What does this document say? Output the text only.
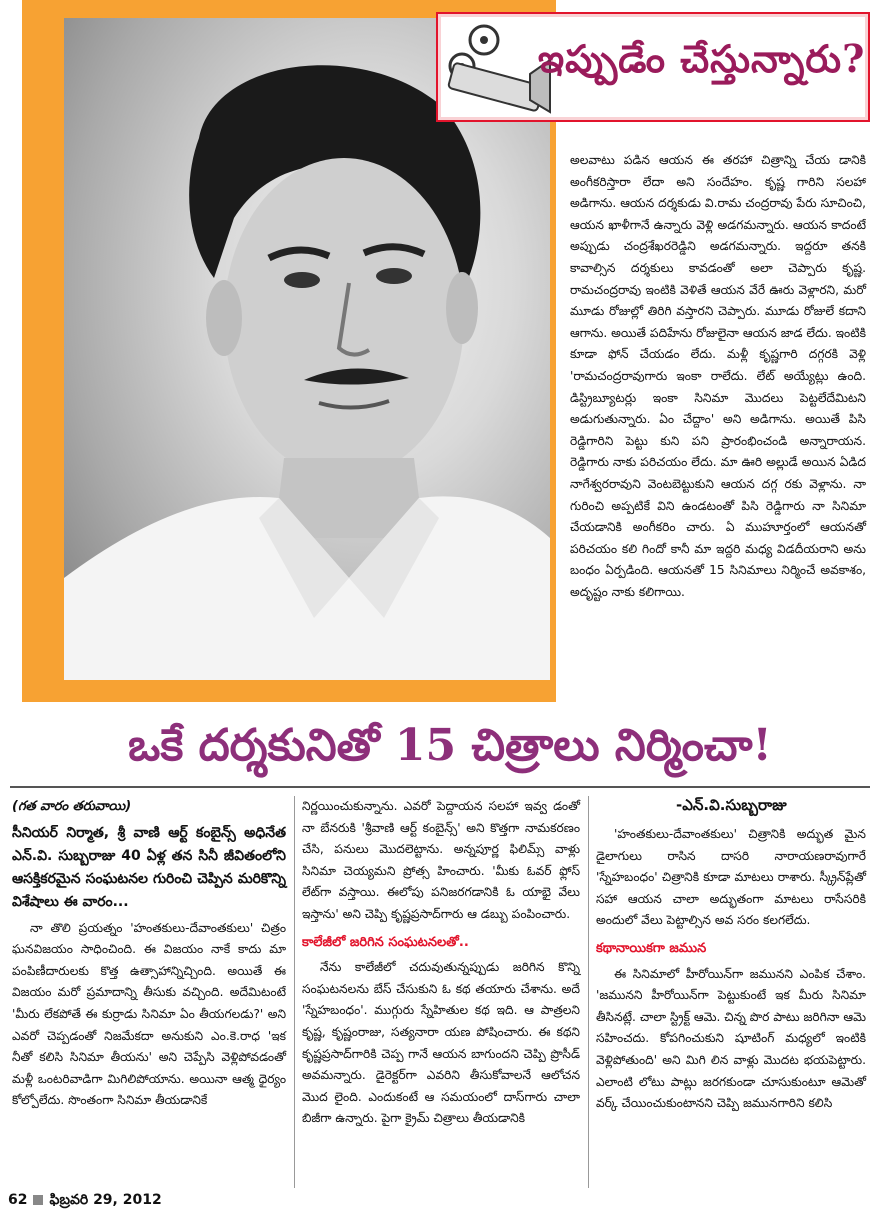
ఇప్పుడేం చేస్తున్నారు?

అలవాటు పడిన ఆయన ఈ తరహా చిత్రాన్ని చేయ డానికి అంగీకరిస్తారా లేదా అని సందేహం. కృష్ణ గారిని సలహా అడిగాను. ఆయన దర్శకుడు వి.రామ చంద్రరావు పేరు సూచించి, ఆయన ఖాళీగానే ఉన్నారు వెళ్లి అడగమన్నారు. ఆయన కాదంటే అప్పుడు చంద్రశేఖరరెడ్డిని అడగమన్నారు. ఇద్దరూ తనకి కావాల్సిన దర్శకులు కావడంతో అలా చెప్పారు కృష్ణ. రామచంద్రరావు ఇంటికి వెళితే ఆయన వేరే ఊరు వెళ్లారని, మరో మూడు రోజుల్లో తిరిగి వస్తారని చెప్పారు. మూడు రోజులే కదాని ఆగాను. అయితే పదిహేను రోజులైనా ఆయన జాడ లేదు. ఇంటికి కూడా ఫోన్ చేయడం లేదు. మళ్లీ కృష్ణగారి దగ్గరకి వెళ్లి 'రామచంద్రరావుగారు ఇంకా రాలేదు. లేట్ అయ్యేట్లు ఉంది. డిస్ట్రిబ్యూటర్లు ఇంకా సినిమా మొదలు పెట్టలేదేమిటని అడుగుతున్నారు. ఏం చేద్దాం' అని అడిగాను. అయితే పిసి రెడ్డిగారిని పెట్టు కుని పని ప్రారంభించండి అన్నారాయన. రెడ్డిగారు నాకు పరిచయం లేదు. మా ఊరి అల్లుడే అయిన ఏడిద నాగేశ్వరరావుని వెంటబెట్టుకుని ఆయన దగ్గ రకు వెళ్లాను. నా గురించి అప్పటికే విని ఉండటంతో పిసి రెడ్డిగారు నా సినిమా చేయడానికి అంగీకరిం చారు. ఏ ముహూర్తంలో ఆయనతో పరిచయం కలి గిందో కానీ మా ఇద్దరి మధ్య విడదీయరాని అను బంధం ఏర్పడింది. ఆయనతో 15 సినిమాలు నిర్మించే అవకాశం, అదృష్టం నాకు కలిగాయి.

ఒకే దర్శకునితో 15 చిత్రాలు నిర్మించా!
-ఎన్.వి.సుబ్బరాజు
(గత వారం తరువాయి)
సీనియర్ నిర్మాత, శ్రీ వాణి ఆర్ట్ కంబైన్స్ అధినేత ఎన్.వి. సుబ్బరాజు 40 ఏళ్ల తన సినీ జీవితంలోని ఆసక్తికరమైన సంఘటనల గురించి చెప్పిన మరికొన్ని విశేషాలు ఈ వారం...

నా తొలి ప్రయత్నం 'హంతకులు-దేవాంతకులు' చిత్రం ఘనవిజయం సాధించింది. ఈ విజయం నాకే కాదు మా పంపిణీదారులకు కొత్త ఉత్సాహాన్నిచ్చింది. అయితే ఈ విజయం మరో ప్రమాదాన్ని తీసుకు వచ్చింది. అదేమిటంటే 'మీరు లేకపోతే ఈ కుర్రాడు సినిమా ఏం తీయగలడు?' అని ఎవరో చెప్పడంతో నిజమేకదా అనుకుని ఎం.కె.రాధ 'ఇక నీతో కలిసి సినిమా తీయను' అని చెప్పేసి వెళ్లిపోవడంతో మళ్లీ ఒంటరివాడిగా మిగిలిపోయాను. అయినా ఆత్మ ధైర్యం కోల్పోలేదు. సొంతంగా సినిమా తీయడానికే

నిర్ణయించుకున్నాను. ఎవరో పెద్దాయన సలహా ఇవ్వ డంతో నా బేనరుకి 'శ్రీవాణి ఆర్ట్ కంబైన్స్' అని కొత్తగా నామకరణం చేసి, పనులు మొదలెట్టాను. అన్నపూర్ణ ఫిలిమ్స్ వాళ్లు సినిమా చెయ్యమని ప్రోత్స హించారు. 'మీకు ఓవర్ ఫ్లోస్ లేట్‌గా వస్తాయి. ఈలోపు పనిజరగడానికి ఓ యాభై వేలు ఇస్తాను' అని చెప్పి కృష్ణప్రసాద్‌గారు ఆ డబ్బు పంపించారు.

కాలేజీలో జరిగిన సంఘటనలతో..

నేను కాలేజీలో చదువుతున్నప్పుడు జరిగిన కొన్ని సంఘటనలను బేస్ చేసుకుని ఓ కథ తయారు చేశాను. అదే 'స్నేహబంధం'. ముగ్గురు స్నేహితుల కథ ఇది. ఆ పాత్రలని కృష్ణ, కృష్ణంరాజు, సత్యనారా యణ పోషించారు. ఈ కథని కృష్ణప్రసాద్‌గారికి చెప్ప గానే ఆయన బాగుందని చెప్పి ప్రొసీడ్ అవమన్నారు. డైరెక్టర్‌గా ఎవరిని తీసుకోవాలనే ఆలోచన మొద లైంది. ఎందుకంటే ఆ సమయంలో దాస్‌గారు చాలా బిజీగా ఉన్నారు. పైగా క్రైమ్ చిత్రాలు తీయడానికి

'హంతకులు-దేవాంతకులు' చిత్రానికి అద్భుత మైన డైలాగులు రాసిన దాసరి నారాయణరావుగారే 'స్నేహబంధం' చిత్రానికి కూడా మాటలు రాశారు. స్క్రీన్‌ప్లేతో సహా ఆయన చాలా అద్భుతంగా మాటలు రాసేసరికి అందులో వేలు పెట్టాల్సిన అవ సరం కలగలేదు.

కథానాయికగా జమున

ఈ సినిమాలో హీరోయిన్‌గా జమునని ఎంపిక చేశాం. 'జమునని హీరోయిన్‌గా పెట్టుకుంటే ఇక మీరు సినిమా తీసినట్లే. చాలా స్ట్రిక్ట్ ఆమె. చిన్న పొర పాటు జరిగినా ఆమె సహించదు. కోపగించుకుని షూటింగ్ మధ్యలో ఇంటికి వెళ్లిపోతుంది' అని మిగి లిన వాళ్లు మొదట భయపెట్టారు. ఎలాంటి లోటు పాట్లు జరగకుండా చూసుకుంటూ ఆమెతో వర్క్ చేయించుకుంటానని చెప్పి జమునగారిని కలిసి

62 ఫిబ్రవరి 29, 2012
